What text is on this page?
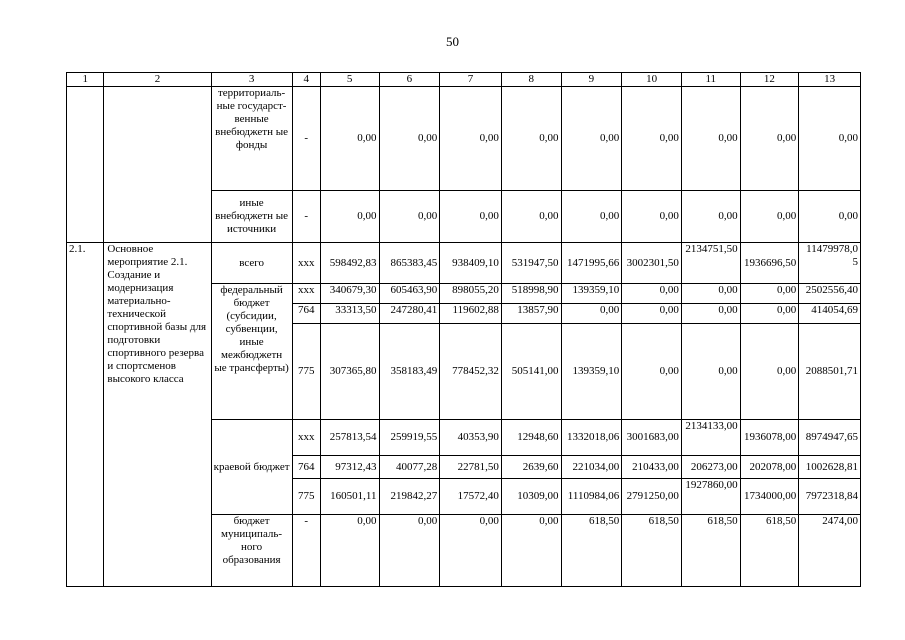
50
1	2	3	4	5	6	7	8	9	10	11	12	13
		территориаль-ные государст-венные внебюджетн ые фонды	-	0,00	0,00	0,00	0,00	0,00	0,00	0,00	0,00	0,00
		иные внебюджетн ые источники	-	0,00	0,00	0,00	0,00	0,00	0,00	0,00	0,00	0,00
2.1.	Основное мероприятие 2.1. Создание и модернизация материально-технической спортивной базы для подготовки спортивного резерва и спортсменов высокого класса	всего	ххх	598492,83	865383,45	938409,10	531947,50	1471995,66	3002301,50	2134751,50	1936696,50	11479978,05
		федеральный бюджет (субсидии, субвенции, иные межбюджетн ые трансферты)	ххх	340679,30	605463,90	898055,20	518998,90	139359,10	0,00	0,00	0,00	2502556,40
			764	33313,50	247280,41	119602,88	13857,90	0,00	0,00	0,00	0,00	414054,69
			775	307365,80	358183,49	778452,32	505141,00	139359,10	0,00	0,00	0,00	2088501,71
		краевой бюджет	ххх	257813,54	259919,55	40353,90	12948,60	1332018,06	3001683,00	2134133,00	1936078,00	8974947,65
			764	97312,43	40077,28	22781,50	2639,60	221034,00	210433,00	206273,00	202078,00	1002628,81
			775	160501,11	219842,27	17572,40	10309,00	1110984,06	2791250,00	1927860,00	1734000,00	7972318,84
		бюджет муниципаль-ного образования	-	0,00	0,00	0,00	0,00	618,50	618,50	618,50	618,50	2474,00
